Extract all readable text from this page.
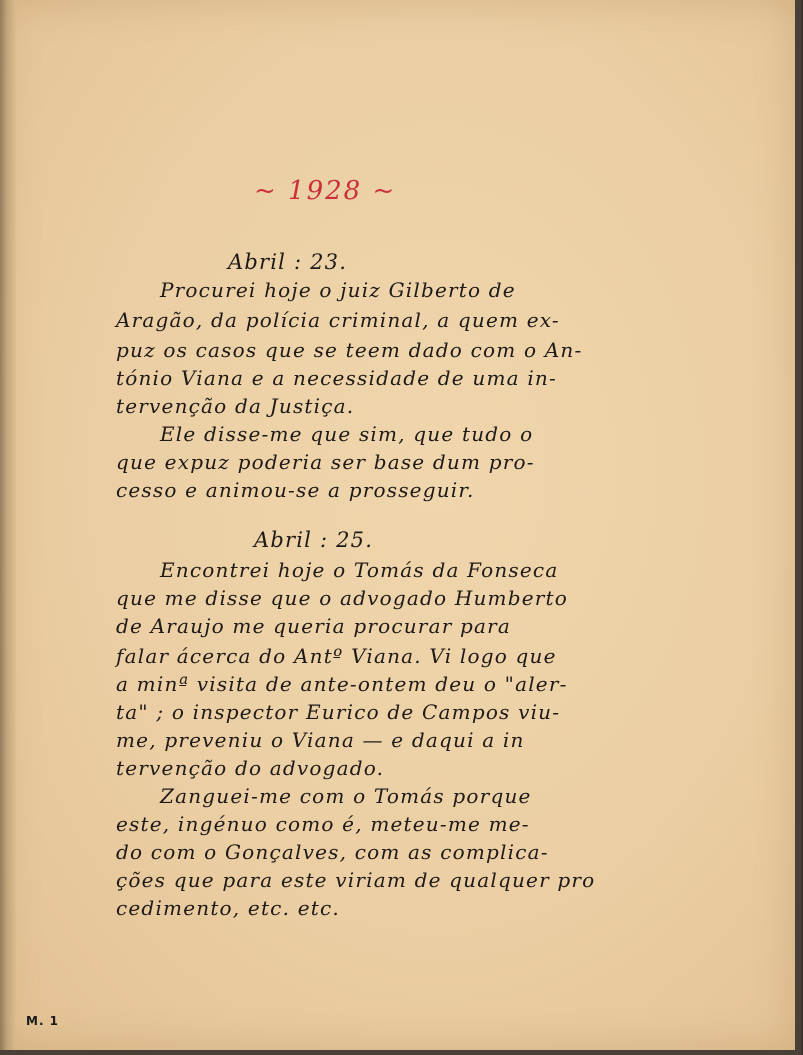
~ 1928 ~
Abril : 23.
Procurei hoje o juiz Gilberto de
Aragão, da polícia criminal, a quem ex-
puz os casos que se teem dado com o An-
tónio Viana e a necessidade de uma in-
tervenção da Justiça.
Ele disse-me que sim, que tudo o
que expuz poderia ser base dum pro-
cesso e animou-se a prosseguir.
Abril : 25.
Encontrei hoje o Tomás da Fonseca
que me disse que o advogado Humberto
de Araujo me queria procurar para
falar ácerca do Antº Viana. Vi logo que
a minª visita de ante-ontem deu o "aler-
ta" ; o inspector Eurico de Campos viu-
me, preveniu o Viana — e daqui a in
tervenção do advogado.
Zanguei-me com o Tomás porque
este, ingénuo como é, meteu-me me-
do com o Gonçalves, com as complica-
ções que para este viriam de qualquer pro
cedimento, etc. etc.
M. 1
